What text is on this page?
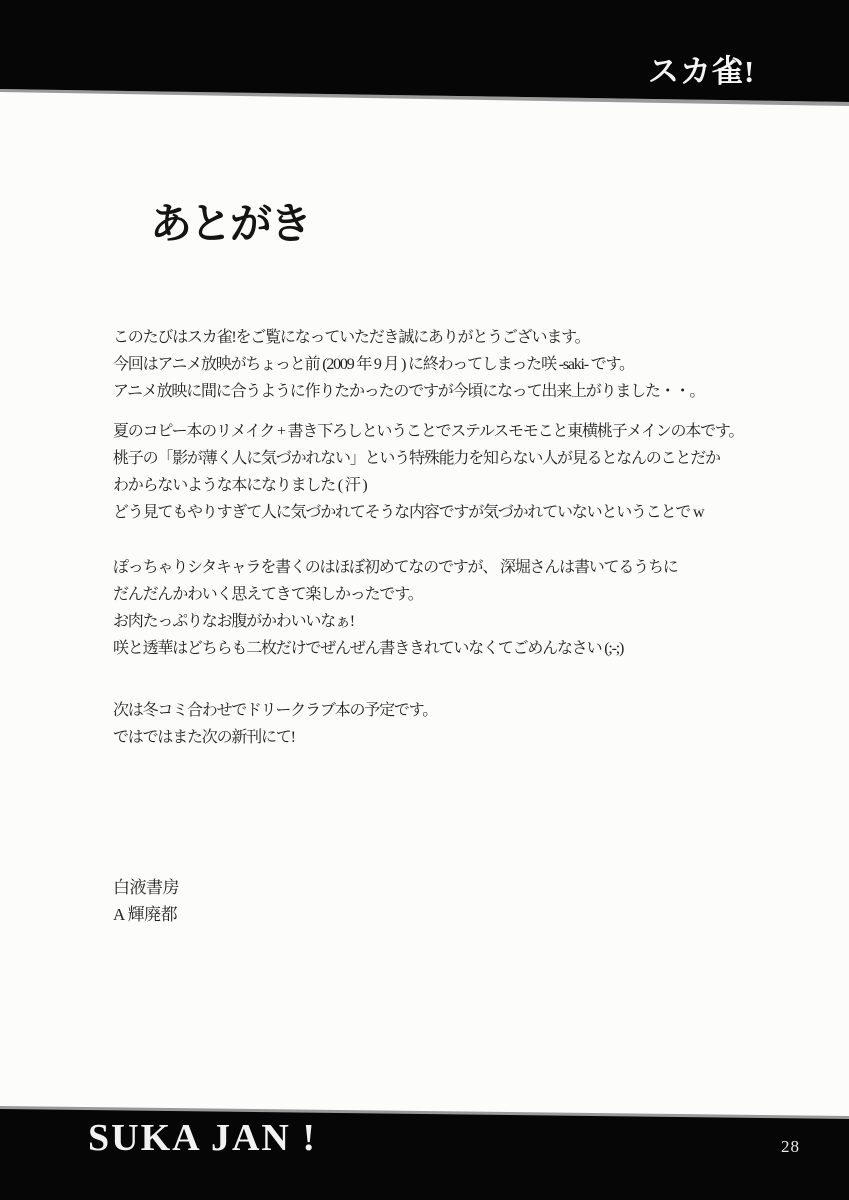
スカ雀!
あとがき
このたびはスカ雀!をご覧になっていただき誠にありがとうございます。
今回はアニメ放映がちょっと前 (2009 年 9 月 ) に終わってしまった咲 -saki- です。
アニメ放映に間に合うように作りたかったのですが今頃になって出来上がりました・・。
夏のコピー本のリメイク + 書き下ろしということでステルスモモこと東横桃子メインの本です。
桃子の「影が薄く人に気づかれない」という特殊能力を知らない人が見るとなんのことだか
わからないような本になりました ( 汗 )
どう見てもやりすぎて人に気づかれてそうな内容ですが気づかれていないということで w
ぽっちゃりシタキャラを書くのはほぼ初めてなのですが、 深堀さんは書いてるうちに
だんだんかわいく思えてきて楽しかったです。
お肉たっぷりなお腹がかわいいなぁ!
咲と透華はどちらも二枚だけでぜんぜん書ききれていなくてごめんなさい (;-;)
次は冬コミ合わせでドリークラブ本の予定です。
ではではまた次の新刊にて!
白液書房
A 輝廃都
SUKA JAN !	28
